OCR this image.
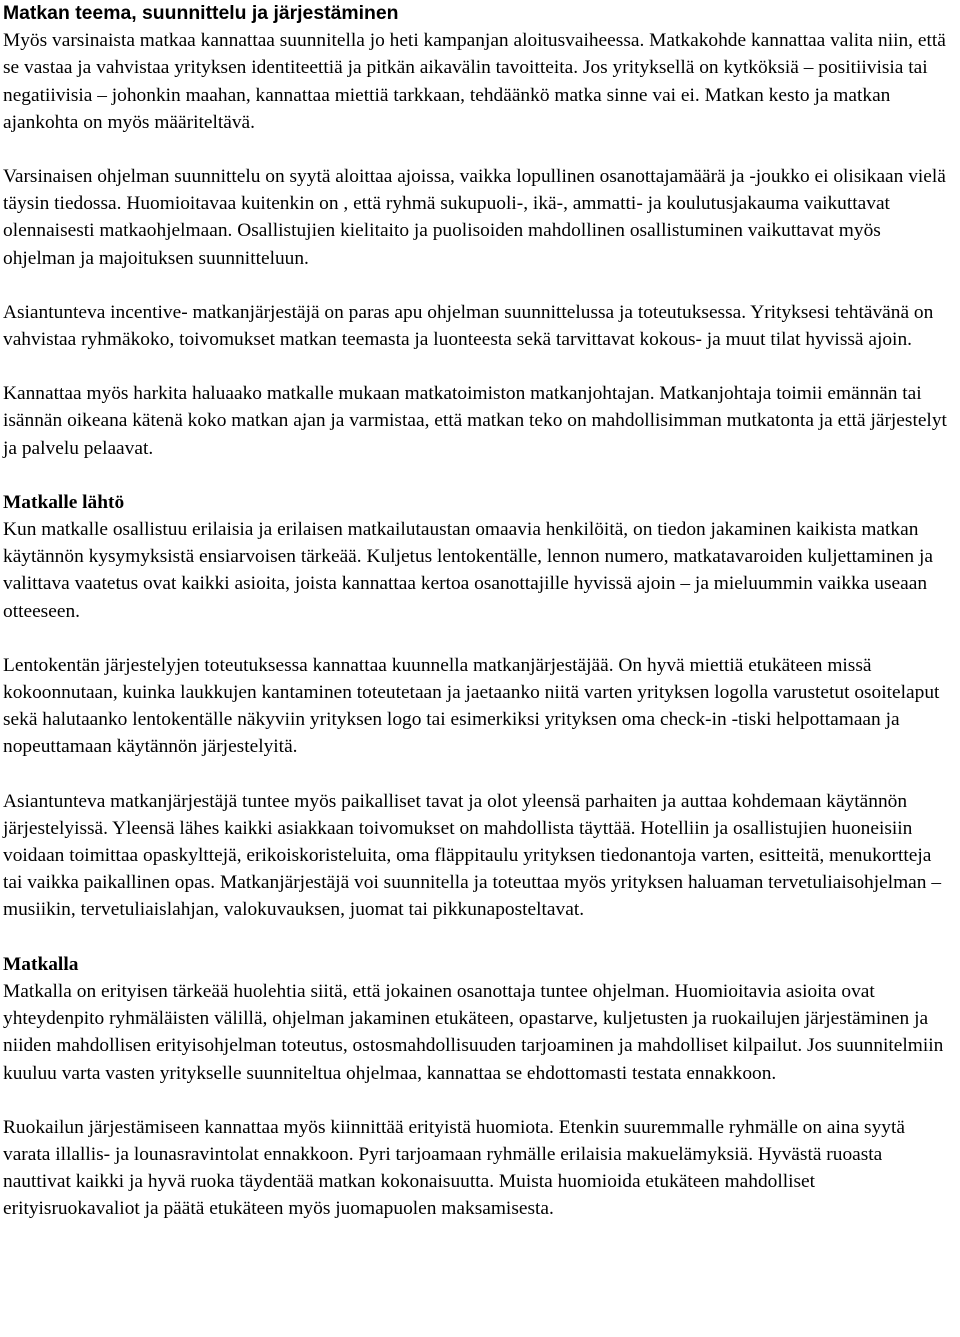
Matkan teema, suunnittelu ja järjestäminen

Myös varsinaista matkaa kannattaa suunnitella jo heti kampanjan aloitusvaiheessa. Matkakohde kannattaa valita niin, että se vastaa ja vahvistaa yrityksen identiteettiä ja pitkän aikavälin tavoitteita. Jos yrityksellä on kytköksiä – positiivisia tai negatiivisia – johonkin maahan, kannattaa miettiä tarkkaan, tehdäänkö matka sinne vai ei. Matkan kesto ja matkan ajankohta on myös määriteltävä.

Varsinaisen ohjelman suunnittelu on syytä aloittaa ajoissa, vaikka lopullinen osanottajamäärä ja -joukko ei olisikaan vielä täysin tiedossa. Huomioitavaa kuitenkin on , että ryhmä sukupuoli-, ikä-, ammatti- ja koulutusjakauma vaikuttavat olennaisesti matkaohjelmaan. Osallistujien kielitaito ja puolisoiden mahdollinen osallistuminen vaikuttavat myös ohjelman ja majoituksen suunnitteluun.

Asiantunteva incentive- matkanjärjestäjä on paras apu ohjelman suunnittelussa ja toteutuksessa. Yrityksesi tehtävänä on vahvistaa ryhmäkoko, toivomukset matkan teemasta ja luonteesta sekä tarvittavat kokous- ja muut tilat hyvissä ajoin.

Kannattaa myös harkita haluaako matkalle mukaan matkatoimiston matkanjohtajan. Matkanjohtaja toimii emännän tai isännän oikeana kätenä koko matkan ajan ja varmistaa, että matkan teko on mahdollisimman mutkatonta ja että järjestelyt ja palvelu pelaavat.

Matkalle lähtö

Kun matkalle osallistuu erilaisia ja erilaisen matkailutaustan omaavia henkilöitä, on tiedon jakaminen kaikista matkan käytännön kysymyksistä ensiarvoisen tärkeää. Kuljetus lentokentälle, lennon numero, matkatavaroiden kuljettaminen ja valittava vaatetus ovat kaikki asioita, joista kannattaa kertoa osanottajille hyvissä ajoin – ja mieluummin vaikka useaan otteeseen.

Lentokentän järjestelyjen toteutuksessa kannattaa kuunnella matkanjärjestäjää. On hyvä miettiä etukäteen missä kokoonnutaan, kuinka laukkujen kantaminen toteutetaan ja jaetaanko niitä varten yrityksen logolla varustetut osoitelaput sekä halutaanko lentokentälle näkyviin yrityksen logo tai esimerkiksi yrityksen oma check-in -tiski helpottamaan ja nopeuttamaan käytännön järjestelyitä.

Asiantunteva matkanjärjestäjä tuntee myös paikalliset tavat ja olot yleensä parhaiten ja auttaa kohdemaan käytännön järjestelyissä. Yleensä lähes kaikki asiakkaan toivomukset on mahdollista täyttää. Hotelliin ja osallistujien huoneisiin voidaan toimittaa opaskylttejä, erikoiskoristeluita, oma fläppitaulu yrityksen tiedonantoja varten, esitteitä, menukortteja tai vaikka paikallinen opas. Matkanjärjestäjä voi suunnitella ja toteuttaa myös yrityksen haluaman tervetuliaisohjelman – musiikin, tervetuliaislahjan, valokuvauksen, juomat tai pikkunaposteltavat.

Matkalla

Matkalla on erityisen tärkeää huolehtia siitä, että jokainen osanottaja tuntee ohjelman. Huomioitavia asioita ovat yhteydenpito ryhmäläisten välillä, ohjelman jakaminen etukäteen, opastarve, kuljetusten ja ruokailujen järjestäminen ja niiden mahdollisen erityisohjelman toteutus, ostosmahdollisuuden tarjoaminen ja mahdolliset kilpailut. Jos suunnitelmiin kuuluu varta vasten yritykselle suunniteltua ohjelmaa, kannattaa se ehdottomasti testata ennakkoon.

Ruokailun järjestämiseen kannattaa myös kiinnittää erityistä huomiota. Etenkin suuremmalle ryhmälle on aina syytä varata illallis- ja lounasravintolat ennakkoon. Pyri tarjoamaan ryhmälle erilaisia makuelämyksiä. Hyvästä ruoasta nauttivat kaikki ja hyvä ruoka täydentää matkan kokonaisuutta. Muista huomioida etukäteen mahdolliset erityisruokavaliot ja päätä etukäteen myös juomapuolen maksamisesta.
